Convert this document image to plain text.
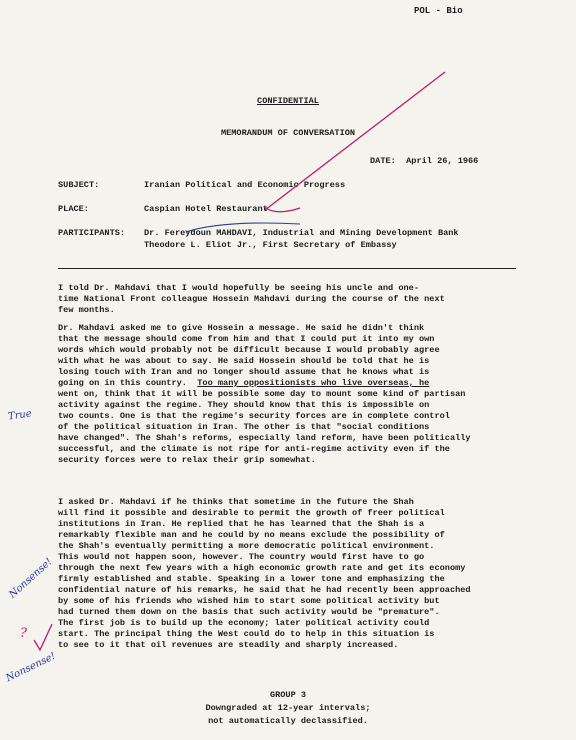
POL - Bio
CONFIDENTIAL
MEMORANDUM OF CONVERSATION
DATE: April 26, 1966
SUBJECT:	Iranian Political and Economic Progress
PLACE:	Caspian Hotel Restaurant
PARTICIPANTS: Dr. Fereydoun MAHDAVI, Industrial and Mining Development Bank
Theodore L. Eliot Jr., First Secretary of Embassy
I told Dr. Mahdavi that I would hopefully be seeing his uncle and one-
time National Front colleague Hossein Mahdavi during the course of the next
few months.
Dr. Mahdavi asked me to give Hossein a message. He said he didn't think
that the message should come from him and that I could put it into my own
words which would probably not be difficult because I would probably agree
with what he was about to say. He said Hossein should be told that he is
losing touch with Iran and no longer should assume that he knows what is
going on in this country. Too many oppositionists who live overseas, he
went on, think that it will be possible some day to mount some kind of partisan
activity against the regime. They should know that this is impossible on
two counts. One is that the regime's security forces are in complete control
of the political situation in Iran. The other is that "social conditions
have changed". The Shah's reforms, especially land reform, have been politically
successful, and the climate is not ripe for anti-regime activity even if the
security forces were to relax their grip somewhat.
I asked Dr. Mahdavi if he thinks that sometime in the future the Shah
will find it possible and desirable to permit the growth of freer political
institutions in Iran. He replied that he has learned that the Shah is a
remarkably flexible man and he could by no means exclude the possibility of
the Shah's eventually permitting a more democratic political environment.
This would not happen soon, however. The country would first have to go
through the next few years with a high economic growth rate and get its economy
firmly established and stable. Speaking in a lower tone and emphasizing the
confidential nature of his remarks, he said that he had recently been approached
by some of his friends who wished him to start some political activity but
had turned them down on the basis that such activity would be "premature".
The first job is to build up the economy; later political activity could
start. The principal thing the West could do to help in this situation is
to see to it that oil revenues are steadily and sharply increased.
GROUP 3
Downgraded at 12-year intervals;
not automatically declassified.
True
Nonsense!
?
Nonsense!
